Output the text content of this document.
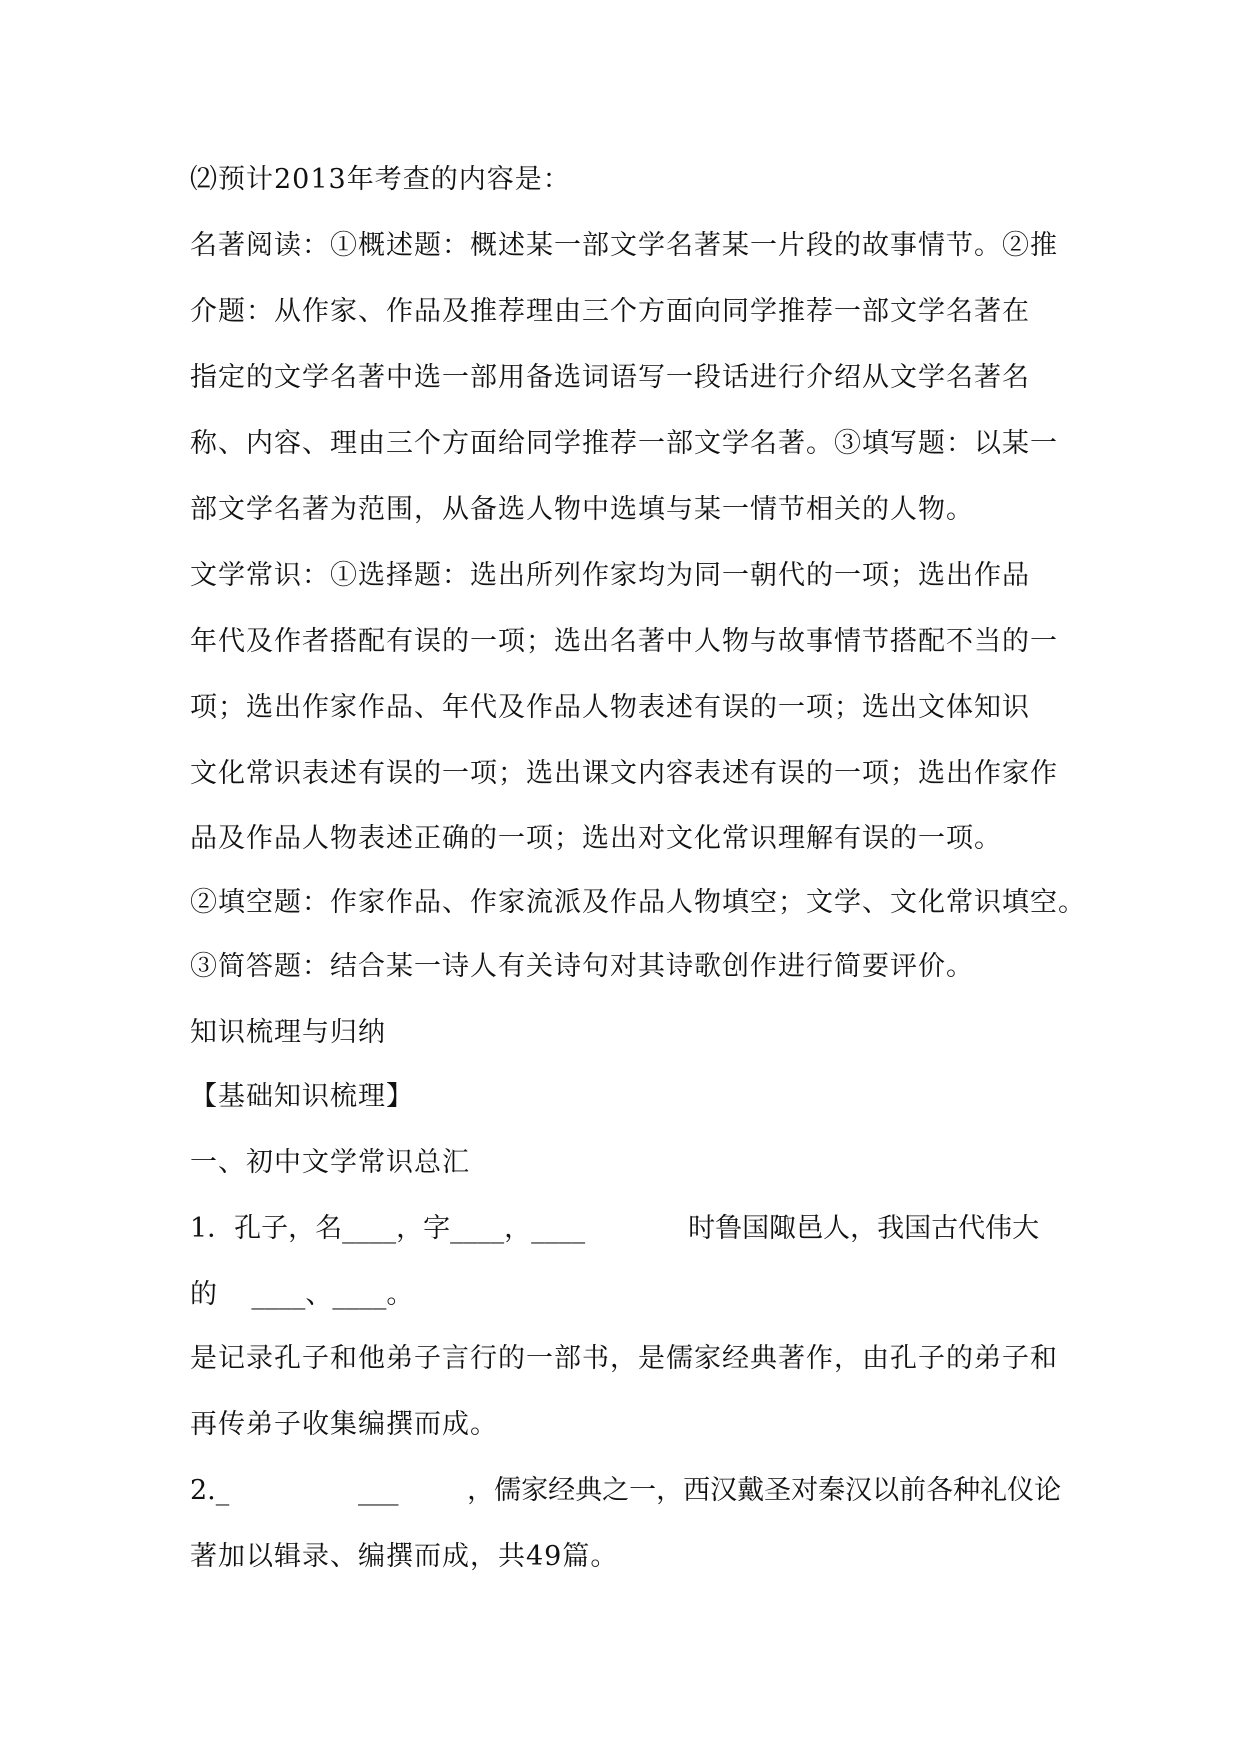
⑵预计2013年考查的内容是：
名著阅读：①概述题：概述某一部文学名著某一片段的故事情节。②推
介题：从作家、作品及推荐理由三个方面向同学推荐一部文学名著在
指定的文学名著中选一部用备选词语写一段话进行介绍从文学名著名
称、内容、理由三个方面给同学推荐一部文学名著。③填写题：以某一
部文学名著为范围，从备选人物中选填与某一情节相关的人物。
文学常识：①选择题：选出所列作家均为同一朝代的一项；选出作品
年代及作者搭配有误的一项；选出名著中人物与故事情节搭配不当的一
项；选出作家作品、年代及作品人物表述有误的一项；选出文体知识
文化常识表述有误的一项；选出课文内容表述有误的一项；选出作家作
品及作品人物表述正确的一项；选出对文化常识理解有误的一项。
②填空题：作家作品、作家流派及作品人物填空；文学、文化常识填空。
③简答题：结合某一诗人有关诗句对其诗歌创作进行简要评价。
知识梳理与归纳
【基础知识梳理】
一、初中文学常识总汇
1．孔子，名____，字____，____            时鲁国陬邑人，我国古代伟大
的    ____、____。
是记录孔子和他弟子言行的一部书，是儒家经典著作，由孔子的弟子和
再传弟子收集编撰而成。
2._               ___        ，儒家经典之一，西汉戴圣对秦汉以前各种礼仪论
著加以辑录、编撰而成，共49篇。
